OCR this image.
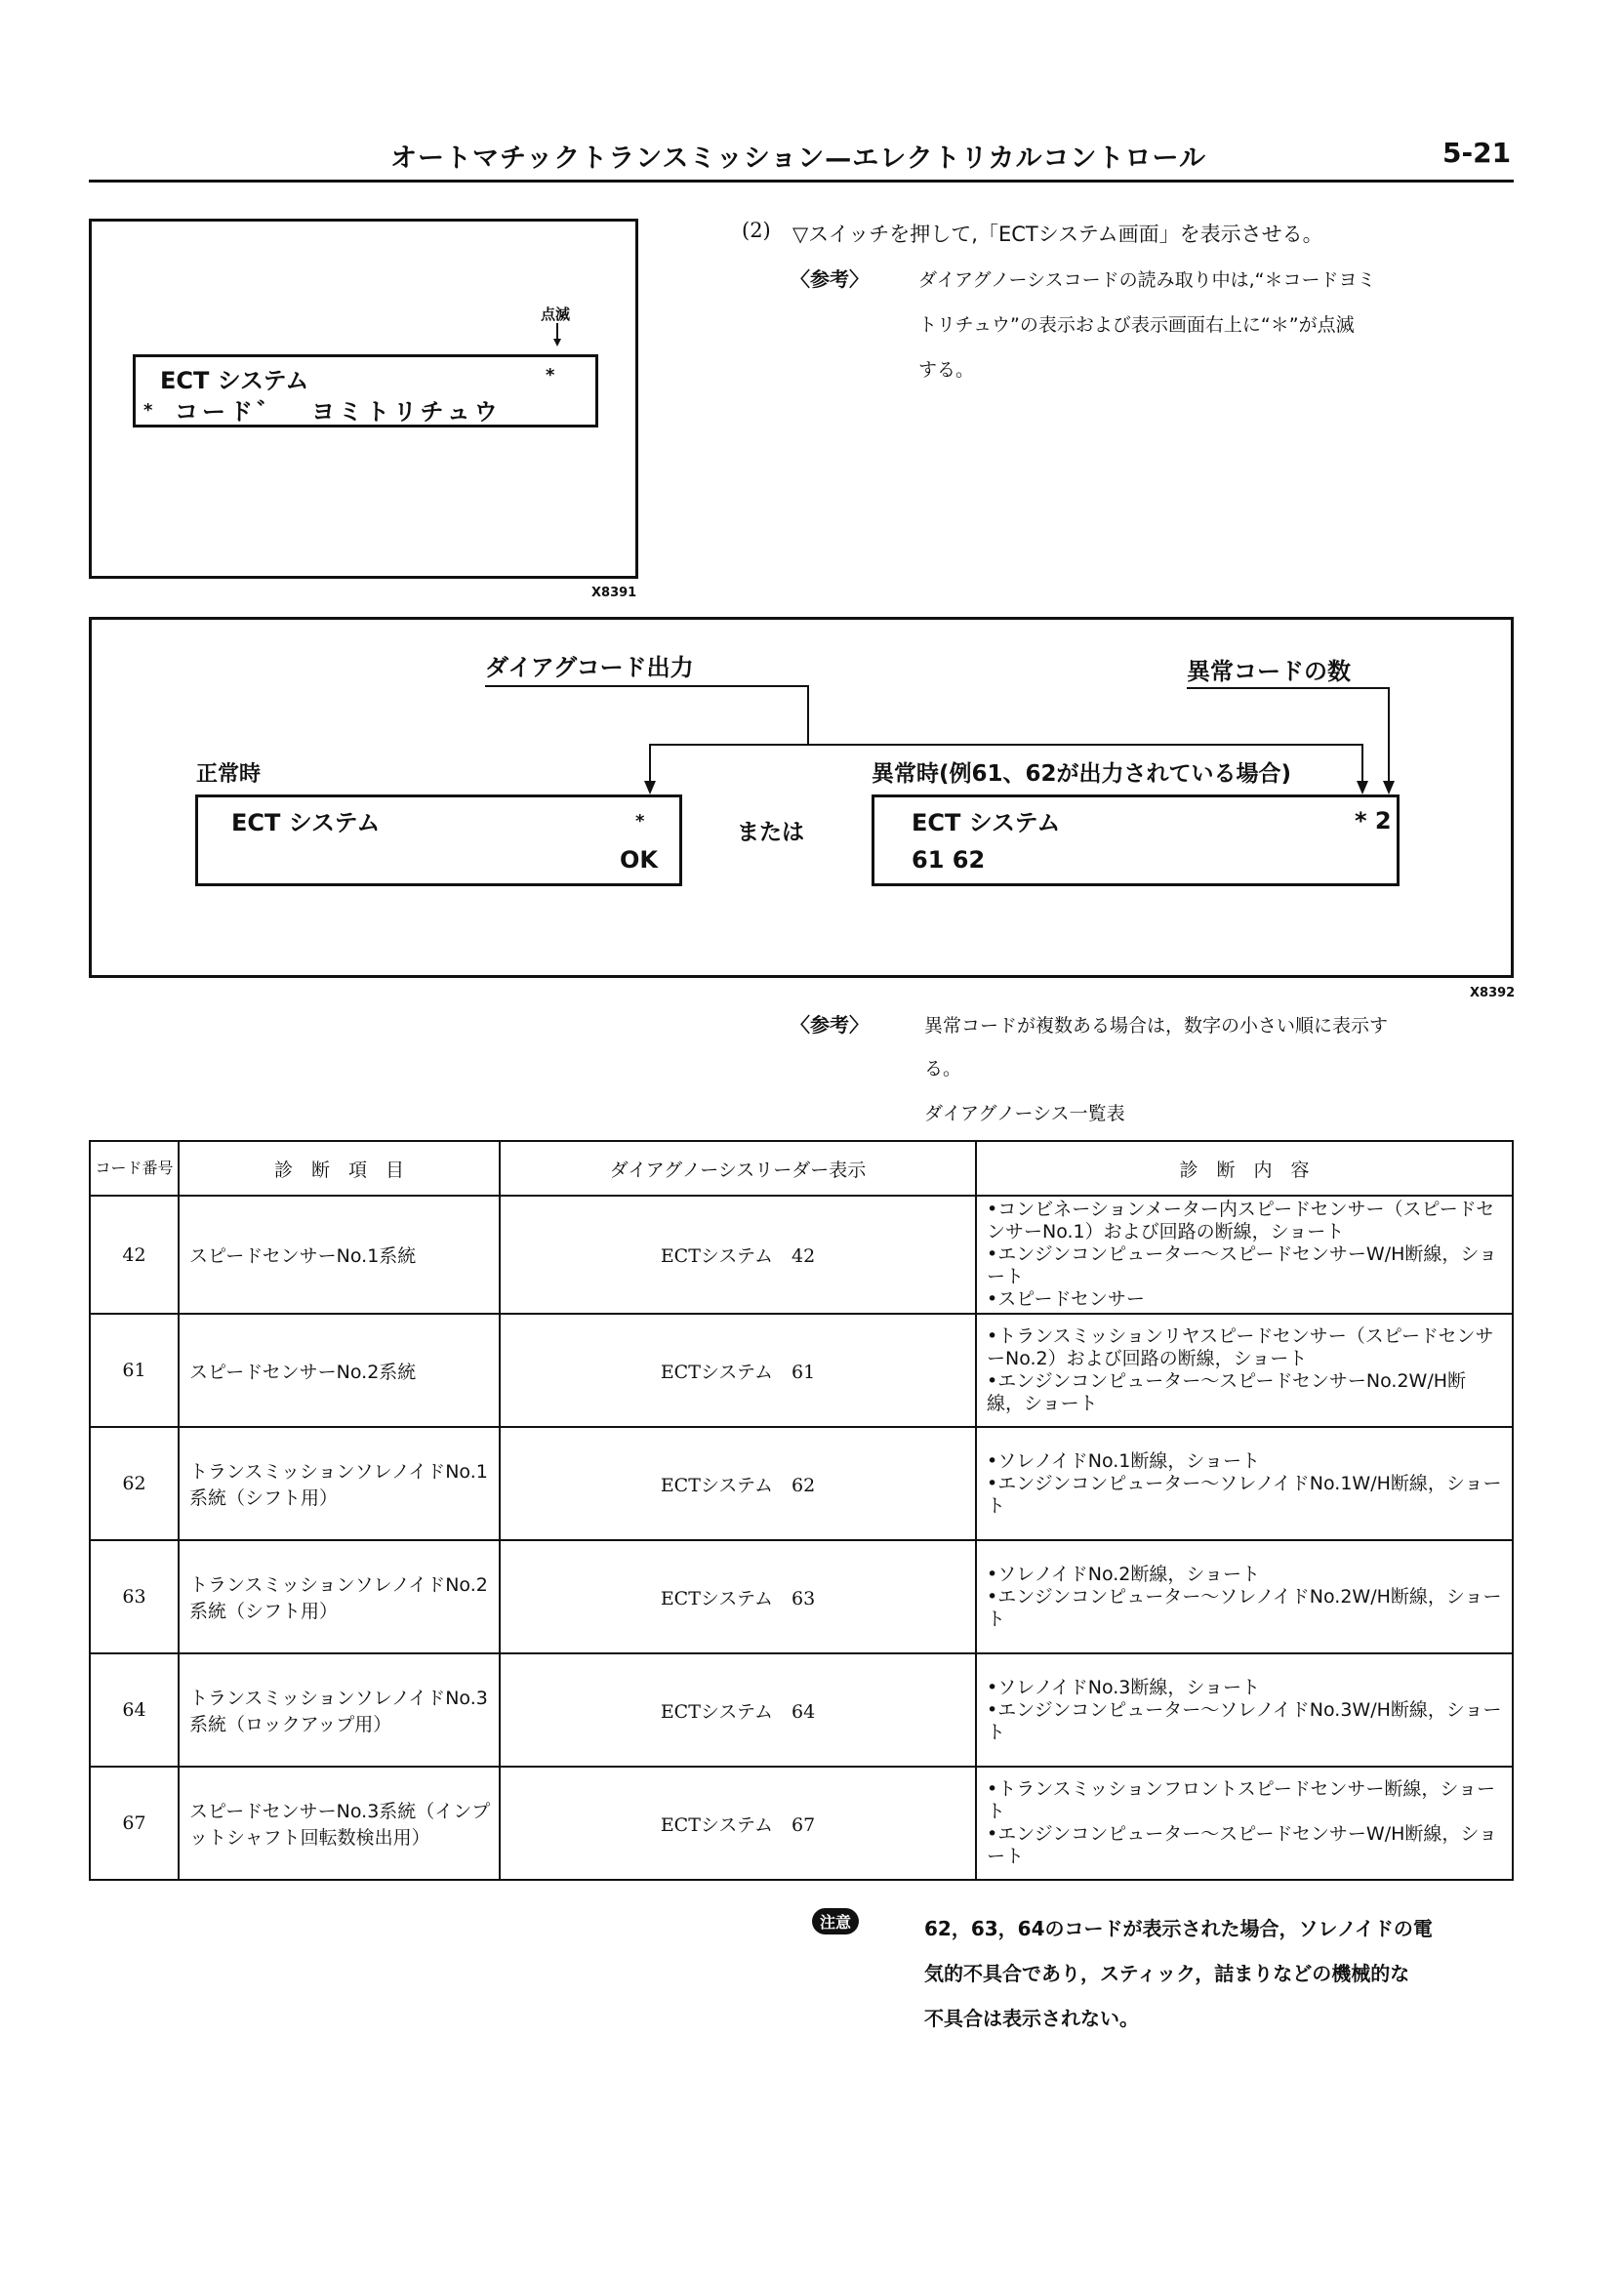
オートマチックトランスミッション—エレクトリカルコントロール	5-21
点滅
ECT システム	*
* コード゛　ヨミトリチュウ
X8391
(2) ▽スイッチを押して,「ECTシステム画面」を表示させる。
〈参考〉	ダイアグノーシスコードの読み取り中は,“＊コードヨミ
トリチュウ”の表示および表示画面右上に“＊”が点滅
する。
ダイアグコード出力	異常コードの数
正常時	異常時(例61、62が出力されている場合)
ECT システム	*
OK
または	ECT システム	* 2
61 62
X8392
〈参考〉	異常コードが複数ある場合は，数字の小さい順に表示す
る。
ダイアグノーシス一覧表
コード番号	診　断　項　目	ダイアグノーシスリーダー表示	診　断　内　容
42	スピードセンサーNo.1系統	ECTシステム　42	•コンビネーションメーター内スピードセンサー（スピードセンサーNo.1）および回路の断線，ショート
•エンジンコンピューター〜スピードセンサーW/H断線，ショート
•スピードセンサー

61	スピードセンサーNo.2系統	ECTシステム　61	•トランスミッションリヤスピードセンサー（スピードセンサーNo.2）および回路の断線，ショート
•エンジンコンピューター〜スピードセンサーNo.2W/H断線，ショート

62	トランスミッションソレノイドNo.1系統（シフト用）	ECTシステム　62	•ソレノイドNo.1断線，ショート
•エンジンコンピューター〜ソレノイドNo.1W/H断線，ショート

63	トランスミッションソレノイドNo.2系統（シフト用）	ECTシステム　63	•ソレノイドNo.2断線，ショート
•エンジンコンピューター〜ソレノイドNo.2W/H断線，ショート

64	トランスミッションソレノイドNo.3系統（ロックアップ用）	ECTシステム　64	•ソレノイドNo.3断線，ショート
•エンジンコンピューター〜ソレノイドNo.3W/H断線，ショート

67	スピードセンサーNo.3系統（インプットシャフト回転数検出用）	ECTシステム　67	•トランスミッションフロントスピードセンサー断線，ショート
•エンジンコンピューター〜スピードセンサーW/H断線，ショート
注意	62，63，64のコードが表示された場合，ソレノイドの電
気的不具合であり，スティック，詰まりなどの機械的な
不具合は表示されない。
